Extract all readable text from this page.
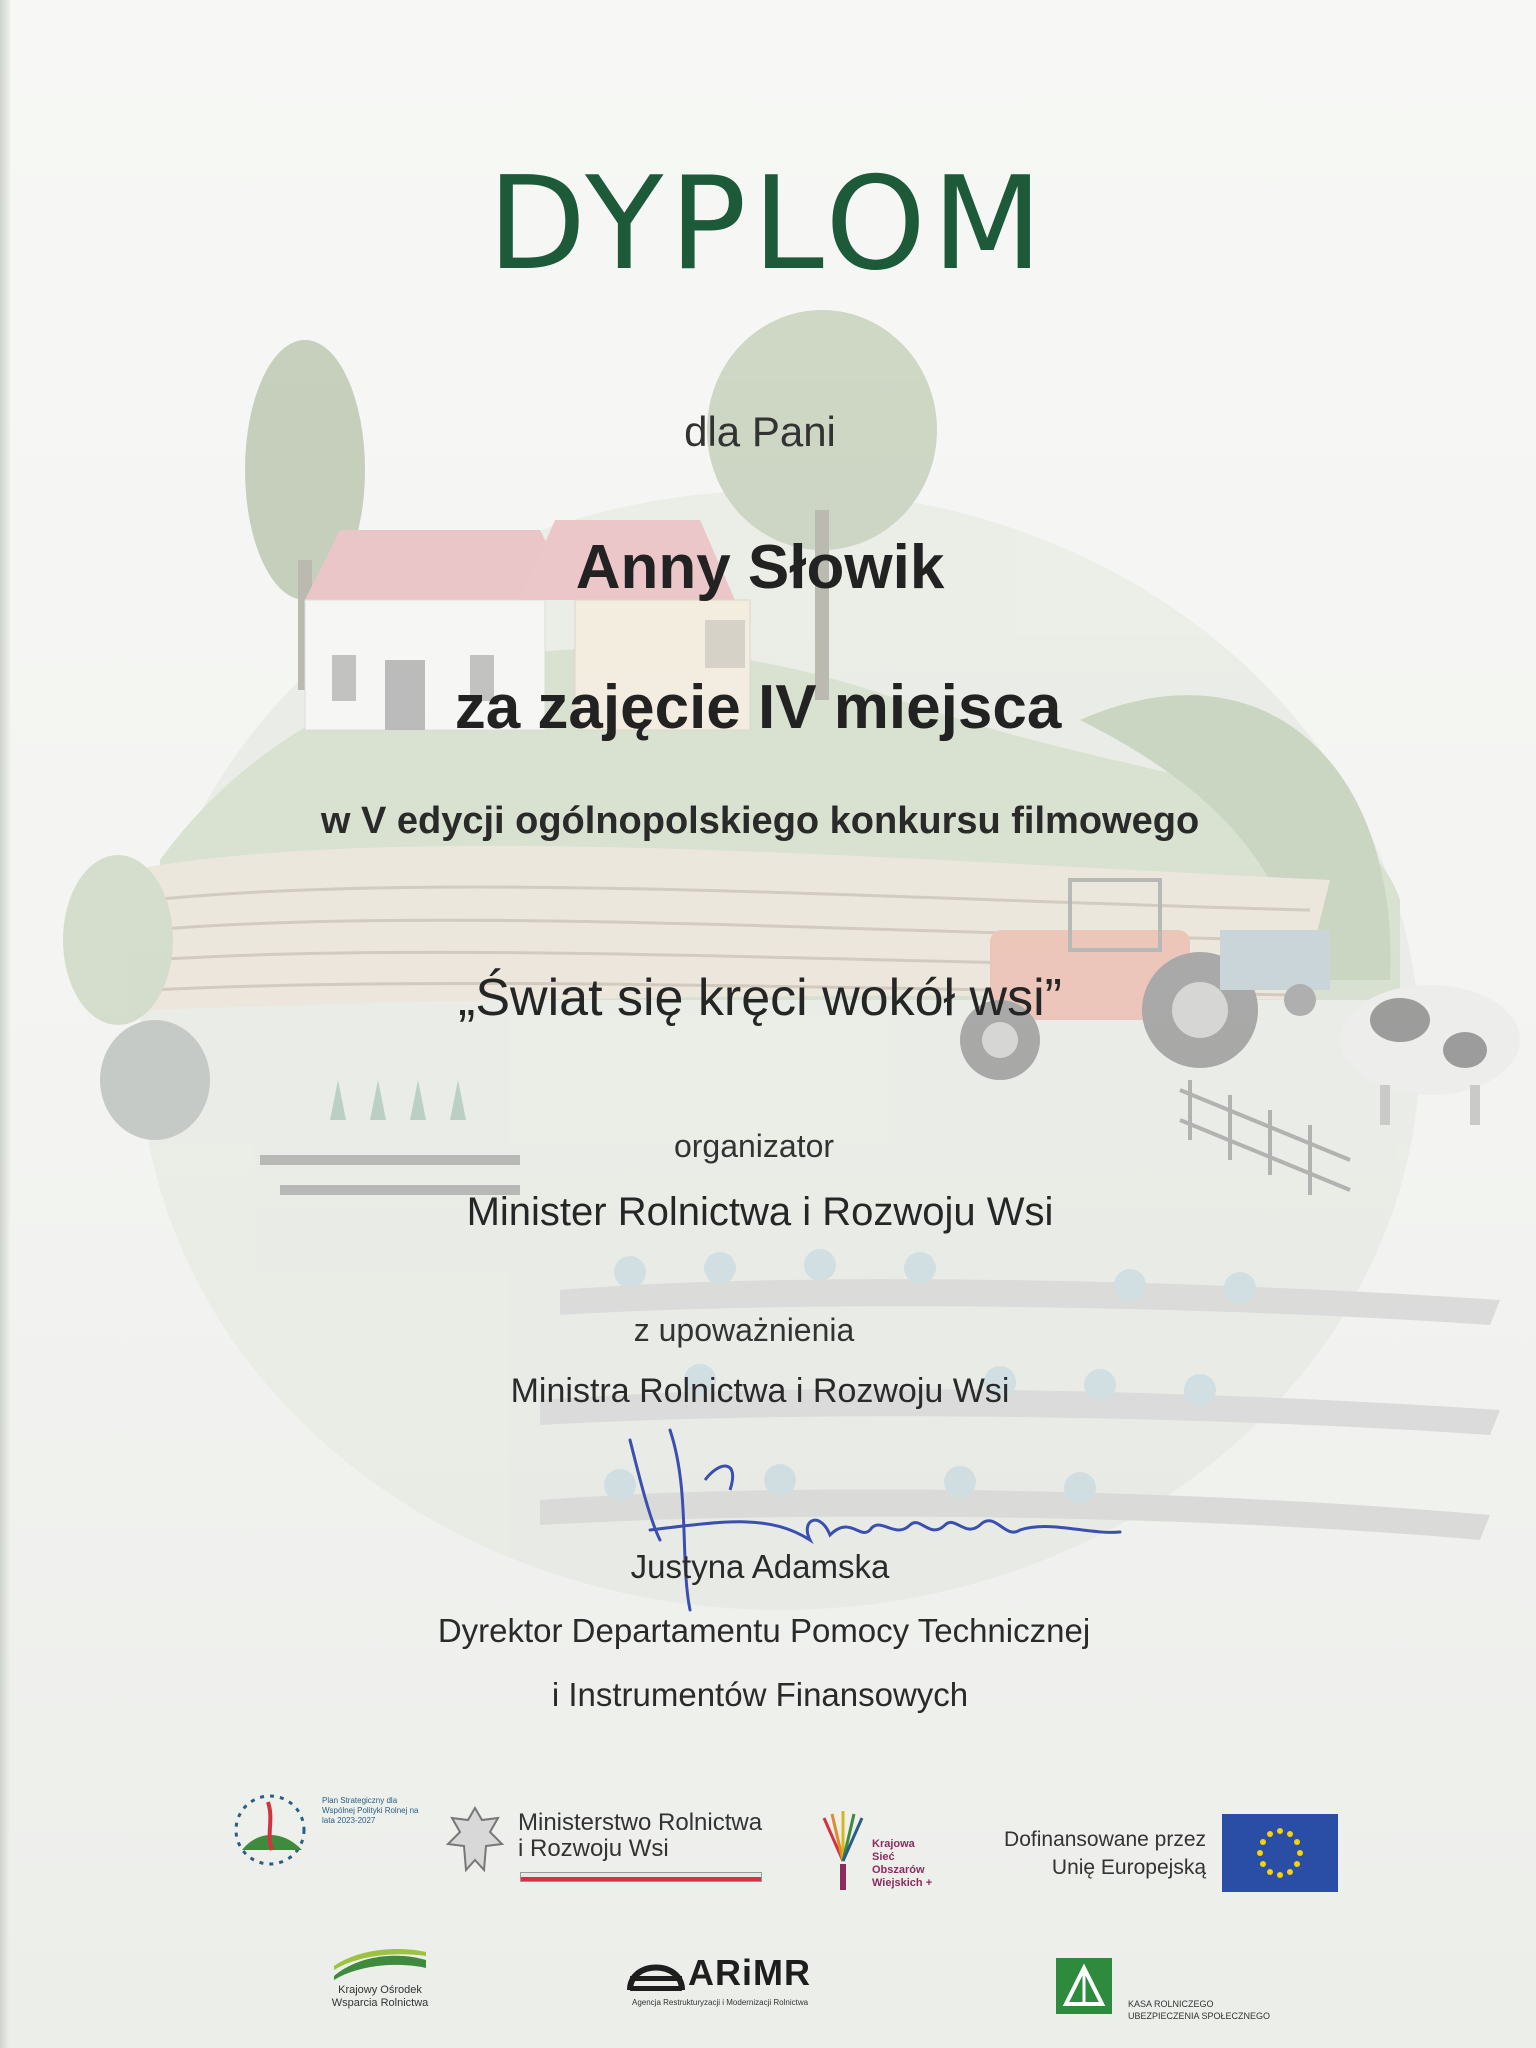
DYPLOM

dla Pani

Anny Słowik

za zajęcie IV miejsca

w V edycji ogólnopolskiego konkursu filmowego

„Świat się kręci wokół wsi”

organizator

Minister Rolnictwa i Rozwoju Wsi

z upoważnienia

Ministra Rolnictwa i Rozwoju Wsi

Justyna Adamska

Dyrektor Departamentu Pomocy Technicznej

i Instrumentów Finansowych

Plan Strategiczny dla Wspólnej Polityki Rolnej na lata 2023-2027	Ministerstwo Rolnictwa
i Rozwoju Wsi	Krajowa
Sieć
Obszarów
Wiejskich +
Dofinansowane przez
Unię Europejską
Krajowy Ośrodek
Wsparcia Rolnictwa
ARiMR
Agencja Restrukturyzacji i Modernizacji Rolnictwa	KASA ROLNICZEGO
UBEZPIECZENIA SPOŁECZNEGO
